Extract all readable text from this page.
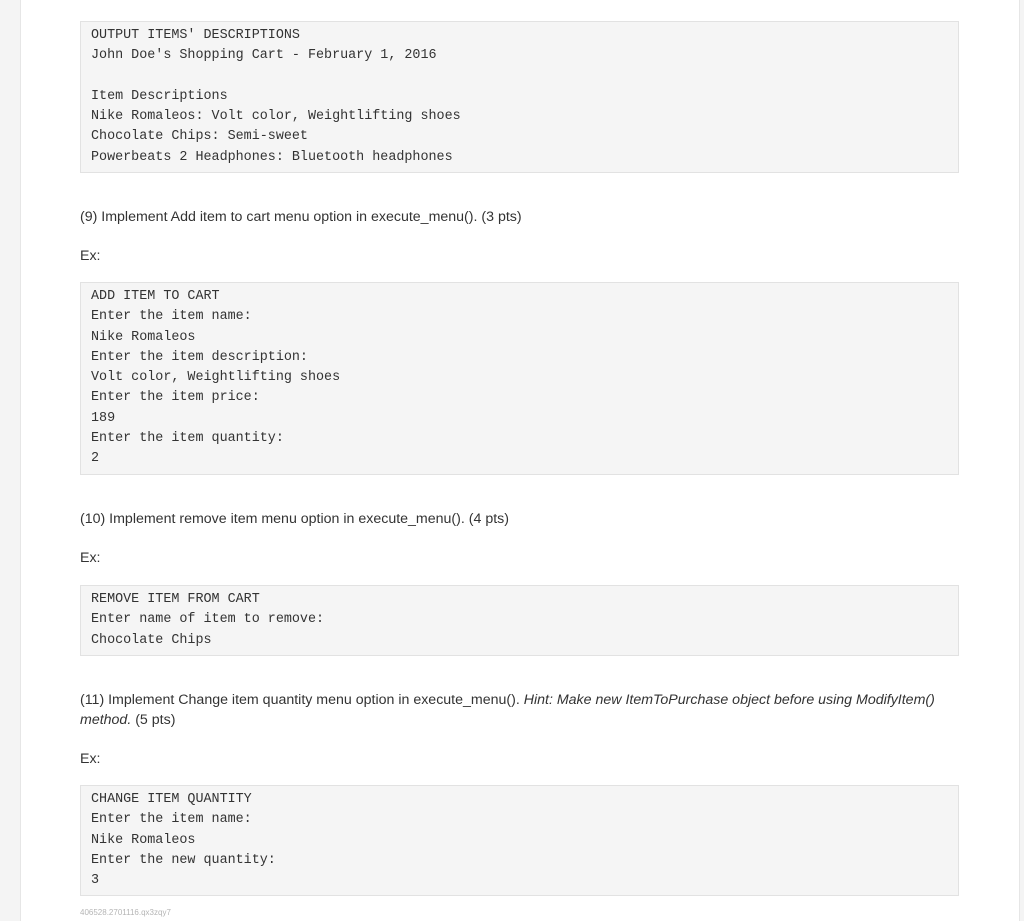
OUTPUT ITEMS' DESCRIPTIONS
John Doe's Shopping Cart - February 1, 2016
Item Descriptions
Nike Romaleos: Volt color, Weightlifting shoes
Chocolate Chips: Semi-sweet
Powerbeats 2 Headphones: Bluetooth headphones
(9) Implement Add item to cart menu option in execute_menu(). (3 pts)
Ex:
ADD ITEM TO CART
Enter the item name:
Nike Romaleos
Enter the item description:
Volt color, Weightlifting shoes
Enter the item price:
189
Enter the item quantity:
2
(10) Implement remove item menu option in execute_menu(). (4 pts)
Ex:
REMOVE ITEM FROM CART
Enter name of item to remove:
Chocolate Chips
(11) Implement Change item quantity menu option in execute_menu(). Hint: Make new ItemToPurchase object before using ModifyItem() method. (5 pts)
Ex:
CHANGE ITEM QUANTITY
Enter the item name:
Nike Romaleos
Enter the new quantity:
3
406528.2701116.qx3zqy7
